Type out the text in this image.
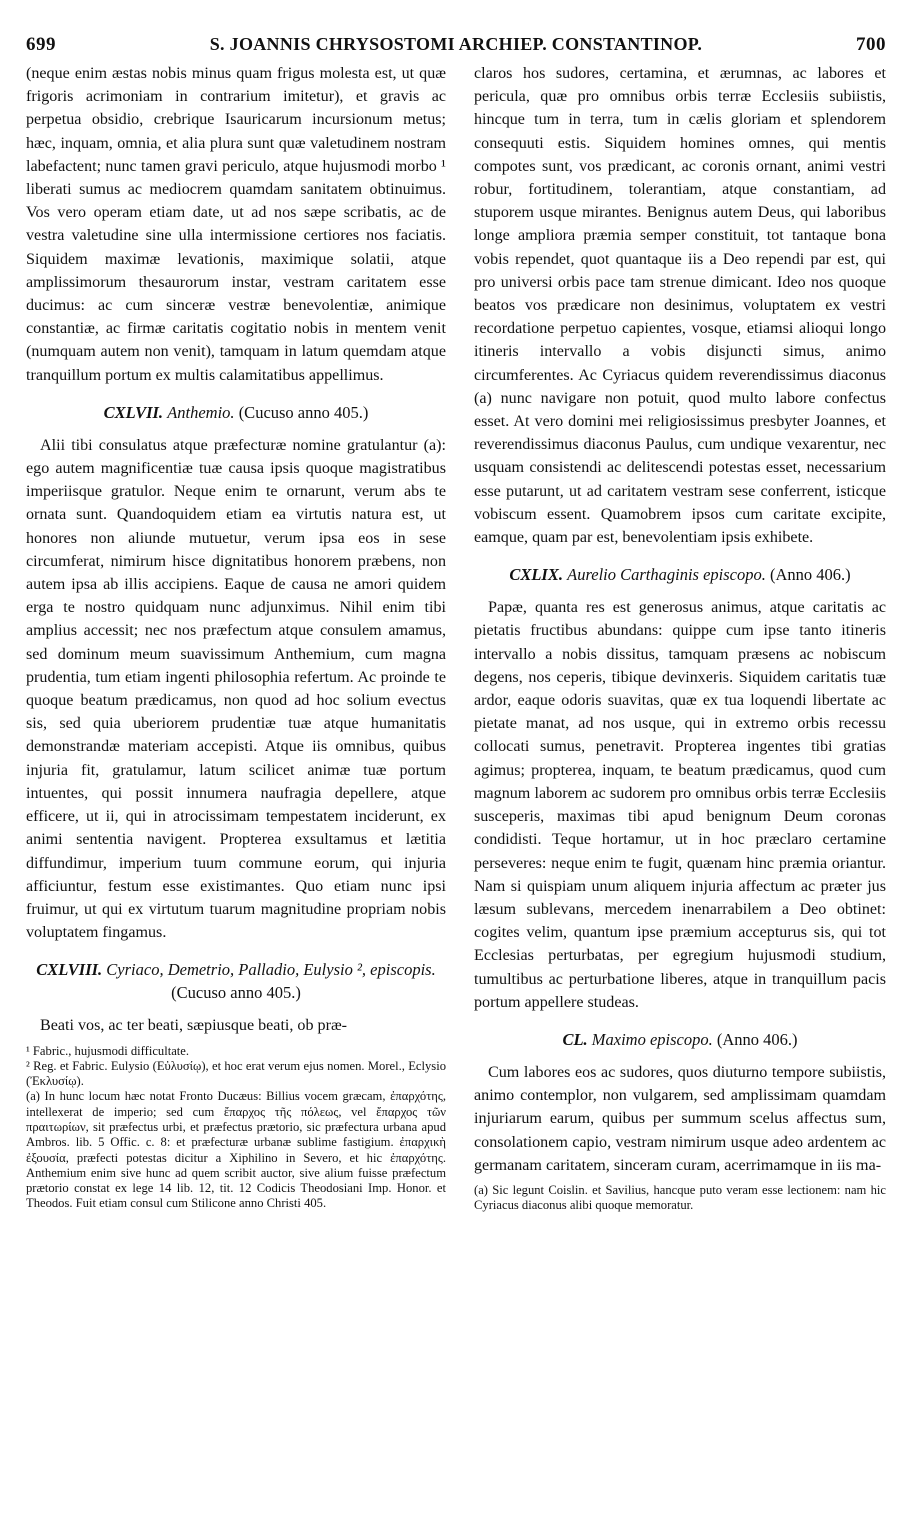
699	S. JOANNIS CHRYSOSTOMI ARCHIEP. CONSTANTINOP.	700

(neque enim æstas nobis minus quam frigus molesta est, ut quæ frigoris acrimoniam in contrarium imitetur), et gravis ac perpetua obsidio, crebrique Isauricarum incursionum metus; hæc, inquam, omnia, et alia plura sunt quæ valetudinem nostram labefactent; nunc tamen gravi periculo, atque hujusmodi morbo ¹ liberati sumus ac mediocrem quamdam sanitatem obtinuimus. Vos vero operam etiam date, ut ad nos sæpe scribatis, ac de vestra valetudine sine ulla intermissione certiores nos faciatis. Siquidem maximæ levationis, maximique solatii, atque amplissimorum thesaurorum instar, vestram caritatem esse ducimus: ac cum sinceræ vestræ benevolentiæ, animique constantiæ, ac firmæ caritatis cogitatio nobis in mentem venit (numquam autem non venit), tamquam in latum quemdam atque tranquillum portum ex multis calamitatibus appellimus.

CXLVII. Anthemio. (Cucuso anno 405.)

Alii tibi consulatus atque præfecturæ nomine gratulantur (a): ego autem magnificentiæ tuæ causa ipsis quoque magistratibus imperiisque gratulor. Neque enim te ornarunt, verum abs te ornata sunt. Quandoquidem etiam ea virtutis natura est, ut honores non aliunde mutuetur, verum ipsa eos in sese circumferat, nimirum hisce dignitatibus honorem præbens, non autem ipsa ab illis accipiens. Eaque de causa ne amori quidem erga te nostro quidquam nunc adjunximus. Nihil enim tibi amplius accessit; nec nos præfectum atque consulem amamus, sed dominum meum suavissimum Anthemium, cum magna prudentia, tum etiam ingenti philosophia refertum. Ac proinde te quoque beatum prædicamus, non quod ad hoc solium evectus sis, sed quia uberiorem prudentiæ tuæ atque humanitatis demonstrandæ materiam accepisti. Atque iis omnibus, quibus injuria fit, gratulamur, latum scilicet animæ tuæ portum intuentes, qui possit innumera naufragia depellere, atque efficere, ut ii, qui in atrocissimam tempestatem inciderunt, ex animi sententia navigent. Propterea exsultamus et lætitia diffundimur, imperium tuum commune eorum, qui injuria afficiuntur, festum esse existimantes. Quo etiam nunc ipsi fruimur, ut qui ex virtutum tuarum magnitudine propriam nobis voluptatem fingamus.

CXLVIII. Cyriaco, Demetrio, Palladio, Eulysio ², episcopis. (Cucuso anno 405.)

Beati vos, ac ter beati, sæpiusque beati, ob præ-

¹ Fabric., hujusmodi difficultate.

² Reg. et Fabric. Eulysio (Εὐλυσίῳ), et hoc erat verum ejus nomen. Morel., Eclysio (Ἐκλυσίῳ).

(a) In hunc locum hæc notat Fronto Ducæus: Billius vocem græcam, ἐπαρχότης, intellexerat de imperio; sed cum ἔπαρχος τῆς πόλεως, vel ἔπαρχος τῶν πραιτωρίων, sit præfectus urbi, et præfectus prætorio, sic præfectura urbana apud Ambros. lib. 5 Offic. c. 8: et præfecturæ urbanæ sublime fastigium. ἐπαρχικὴ ἐξουσία, præfecti potestas dicitur a Xiphilino in Severo, et hic ἐπαρχότης. Anthemium enim sive hunc ad quem scribit auctor, sive alium fuisse præfectum prætorio constat ex lege 14 lib. 12, tit. 12 Codicis Theodosiani Imp. Honor. et Theodos. Fuit etiam consul cum Stilicone anno Christi 405.

claros hos sudores, certamina, et ærumnas, ac labores et pericula, quæ pro omnibus orbis terræ Ecclesiis subiistis, hincque tum in terra, tum in cælis gloriam et splendorem consequuti estis. Siquidem homines omnes, qui mentis compotes sunt, vos prædicant, ac coronis ornant, animi vestri robur, fortitudinem, tolerantiam, atque constantiam, ad stuporem usque mirantes. Benignus autem Deus, qui laboribus longe ampliora præmia semper constituit, tot tantaque bona vobis rependet, quot quantaque iis a Deo rependi par est, qui pro universi orbis pace tam strenue dimicant. Ideo nos quoque beatos vos prædicare non desinimus, voluptatem ex vestri recordatione perpetuo capientes, vosque, etiamsi alioqui longo itineris intervallo a vobis disjuncti simus, animo circumferentes. Ac Cyriacus quidem reverendissimus diaconus (a) nunc navigare non potuit, quod multo labore confectus esset. At vero domini mei religiosissimus presbyter Joannes, et reverendissimus diaconus Paulus, cum undique vexarentur, nec usquam consistendi ac delitescendi potestas esset, necessarium esse putarunt, ut ad caritatem vestram sese conferrent, isticque vobiscum essent. Quamobrem ipsos cum caritate excipite, eamque, quam par est, benevolentiam ipsis exhibete.

CXLIX. Aurelio Carthaginis episcopo. (Anno 406.)

Papæ, quanta res est generosus animus, atque caritatis ac pietatis fructibus abundans: quippe cum ipse tanto itineris intervallo a nobis dissitus, tamquam præsens ac nobiscum degens, nos ceperis, tibique devinxeris. Siquidem caritatis tuæ ardor, eaque odoris suavitas, quæ ex tua loquendi libertate ac pietate manat, ad nos usque, qui in extremo orbis recessu collocati sumus, penetravit. Propterea ingentes tibi gratias agimus; propterea, inquam, te beatum prædicamus, quod cum magnum laborem ac sudorem pro omnibus orbis terræ Ecclesiis susceperis, maximas tibi apud benignum Deum coronas condidisti. Teque hortamur, ut in hoc præclaro certamine perseveres: neque enim te fugit, quænam hinc præmia oriantur. Nam si quispiam unum aliquem injuria affectum ac præter jus læsum sublevans, mercedem inenarrabilem a Deo obtinet: cogites velim, quantum ipse præmium accepturus sis, qui tot Ecclesias perturbatas, per egregium hujusmodi studium, tumultibus ac perturbatione liberes, atque in tranquillum pacis portum appellere studeas.

CL. Maximo episcopo. (Anno 406.)

Cum labores eos ac sudores, quos diuturno tempore subiistis, animo contemplor, non vulgarem, sed amplissimam quamdam injuriarum earum, quibus per summum scelus affectus sum, consolationem capio, vestram nimirum usque adeo ardentem ac germanam caritatem, sinceram curam, acerrimamque in iis ma-

(a) Sic legunt Coislin. et Savilius, hancque puto veram esse lectionem: nam hic Cyriacus diaconus alibi quoque memoratur.
